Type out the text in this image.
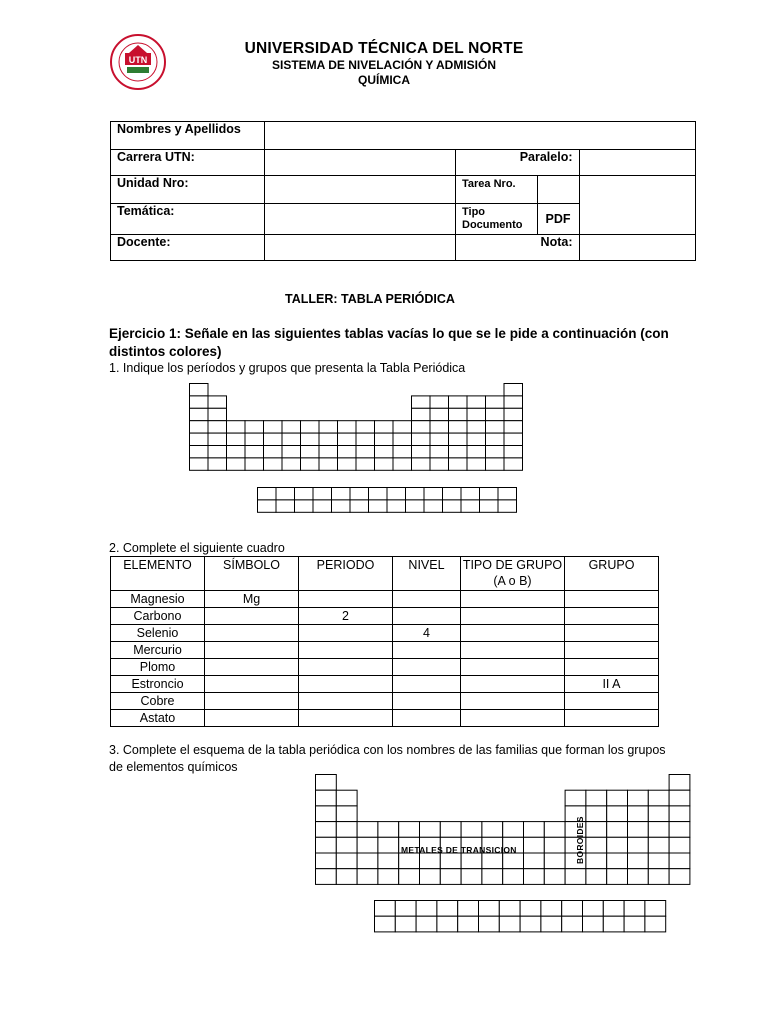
UTN
UNIVERSIDAD TÉCNICA DEL NORTE
SISTEMA DE NIVELACIÓN Y ADMISIÓN
QUÍMICA
Nombres y Apellidos				
Carrera UTN:		Paralelo:		
Unidad Nro:		Tarea Nro.		
Temática:		Tipo Documento	PDF	
Docente:		Nota:		
TALLER: TABLA PERIÓDICA
Ejercicio 1: Señale en las siguientes tablas vacías lo que se le pide a continuación (con distintos colores)
1. Indique los períodos y grupos que presenta la Tabla Periódica
2. Complete el siguiente cuadro
ELEMENTO	SÍMBOLO	PERIODO	NIVEL	TIPO DE GRUPO (A o B)	GRUPO
Magnesio	Mg				
Carbono		2			
Selenio			4		
Mercurio					
Plomo					
Estroncio					II A
Cobre					
Astato					
3. Complete el esquema de la tabla periódica con los nombres de las familias que forman los grupos de elementos químicos
METALES DE TRANSICION	BOROIDES
